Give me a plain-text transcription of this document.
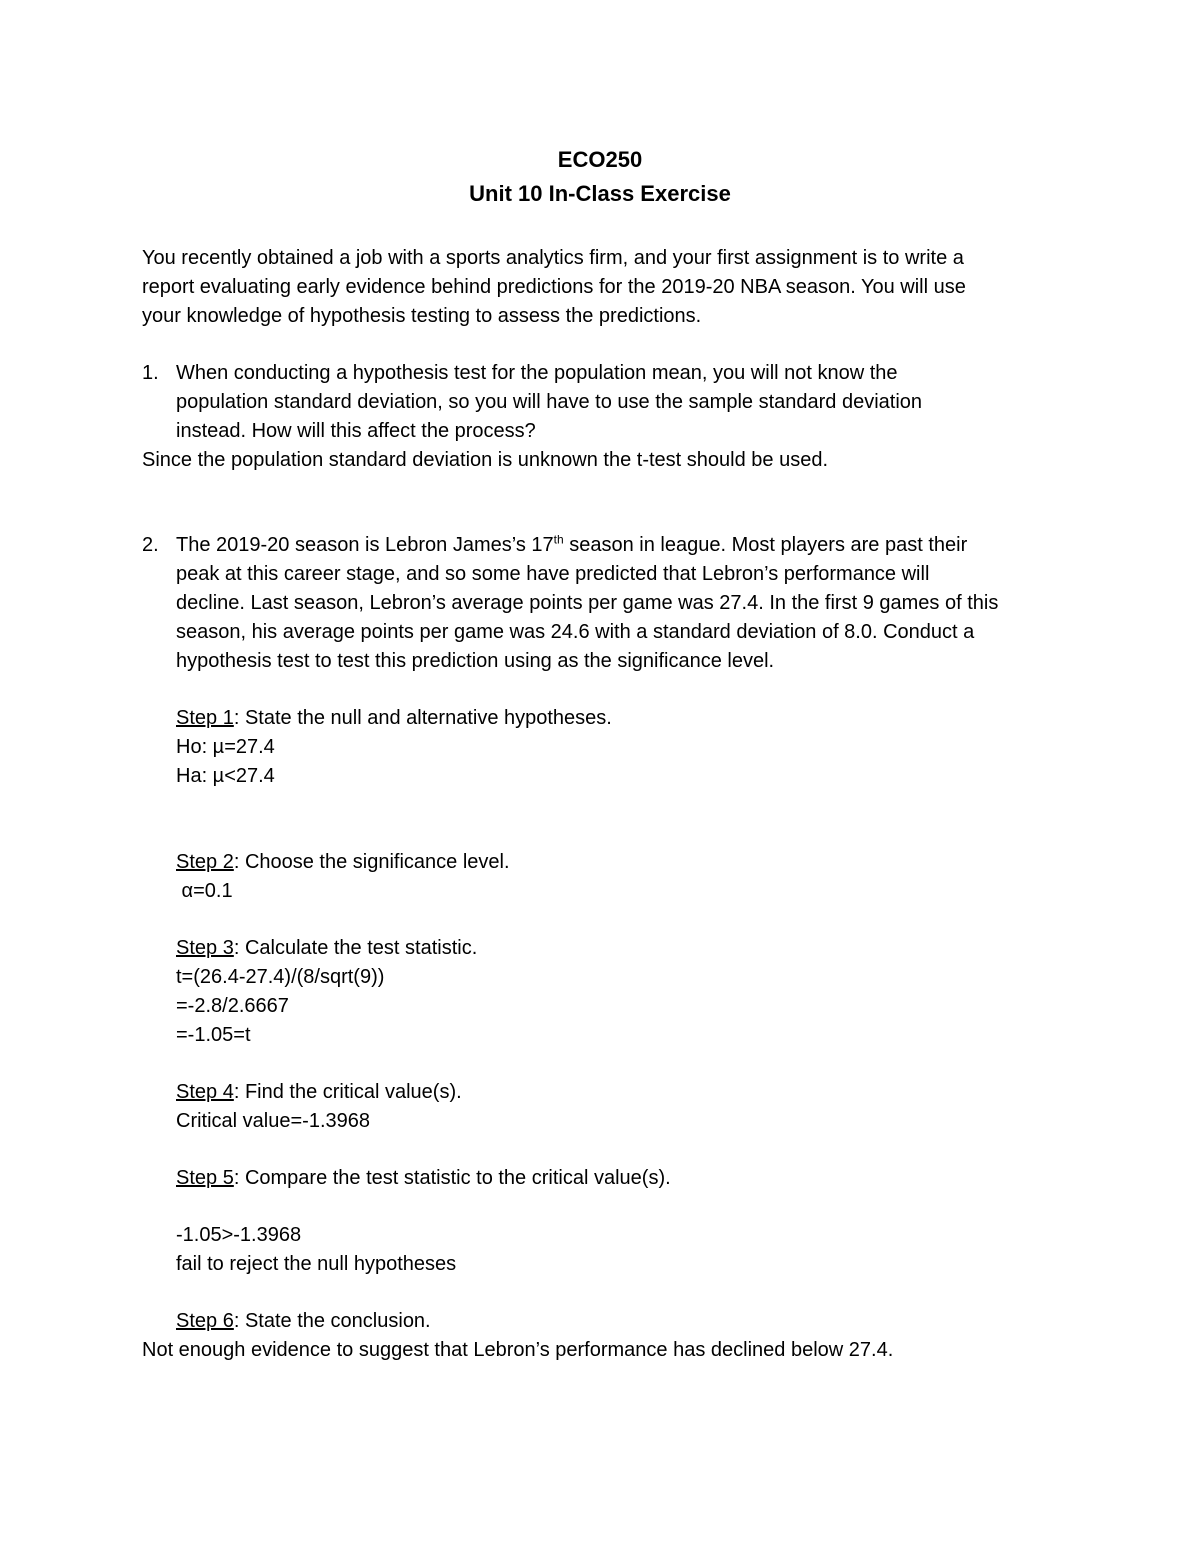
ECO250
Unit 10 In-Class Exercise
You recently obtained a job with a sports analytics firm, and your first assignment is to write a
report evaluating early evidence behind predictions for the 2019-20 NBA season. You will use
your knowledge of hypothesis testing to assess the predictions.
1. When conducting a hypothesis test for the population mean, you will not know the
population standard deviation, so you will have to use the sample standard deviation
instead. How will this affect the process?
Since the population standard deviation is unknown the t-test should be used.
2. The 2019-20 season is Lebron James’s 17th season in league. Most players are past their
peak at this career stage, and so some have predicted that Lebron’s performance will
decline. Last season, Lebron’s average points per game was 27.4. In the first 9 games of this
season, his average points per game was 24.6 with a standard deviation of 8.0. Conduct a
hypothesis test to test this prediction using as the significance level.
Step 1: State the null and alternative hypotheses.
Ho: µ=27.4
Ha: µ<27.4
Step 2: Choose the significance level.
α=0.1
Step 3: Calculate the test statistic.
t=(26.4-27.4)/(8/sqrt(9))
=-2.8/2.6667
=-1.05=t
Step 4: Find the critical value(s).
Critical value=-1.3968
Step 5: Compare the test statistic to the critical value(s).
-1.05>-1.3968
fail to reject the null hypotheses
Step 6: State the conclusion.
Not enough evidence to suggest that Lebron’s performance has declined below 27.4.
